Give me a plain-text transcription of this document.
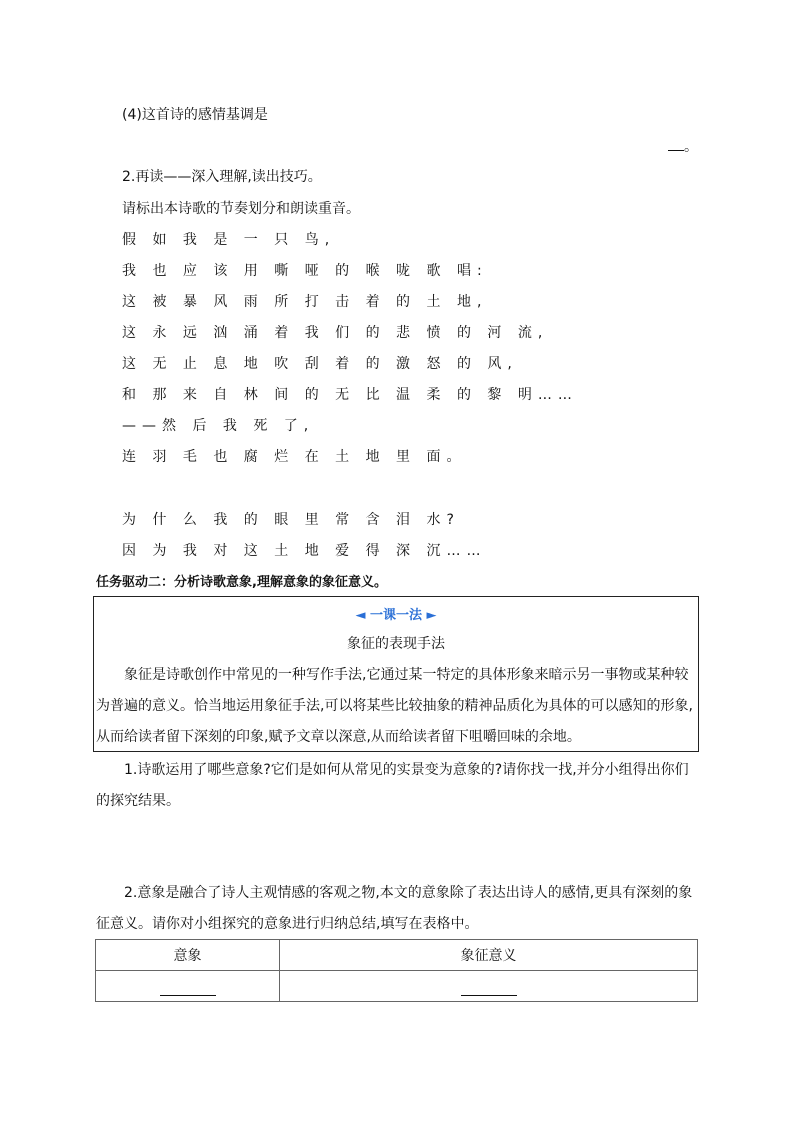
(4)这首诗的感情基调是
。
2.再读——深入理解,读出技巧。
请标出本诗歌的节奏划分和朗读重音。
假 如 我 是 一 只 鸟,
我 也 应 该 用 嘶 哑 的 喉 咙 歌 唱:
这 被 暴 风 雨 所 打 击 着 的 土 地,
这 永 远 汹 涌 着 我 们 的 悲 愤 的 河 流,
这 无 止 息 地 吹 刮 着 的 激 怒 的 风,
和 那 来 自 林 间 的 无 比 温 柔 的 黎 明……
——然 后 我 死 了,
连 羽 毛 也 腐 烂 在 土 地 里 面。
为 什 么 我 的 眼 里 常 含 泪 水?
因 为 我 对 这 土 地 爱 得 深 沉……
任务驱动二：分析诗歌意象,理解意象的象征意义。
◄ 一课一法 ►
象征的表现手法
象征是诗歌创作中常见的一种写作手法,它通过某一特定的具体形象来暗示另一事物或某种较为普遍的意义。恰当地运用象征手法,可以将某些比较抽象的精神品质化为具体的可以感知的形象,从而给读者留下深刻的印象,赋予文章以深意,从而给读者留下咀嚼回味的余地。
1.诗歌运用了哪些意象?它们是如何从常见的实景变为意象的?请你找一找,并分小组得出你们的探究结果。
2.意象是融合了诗人主观情感的客观之物,本文的意象除了表达出诗人的感情,更具有深刻的象征意义。请你对小组探究的意象进行归纳总结,填写在表格中。
意象	象征意义
